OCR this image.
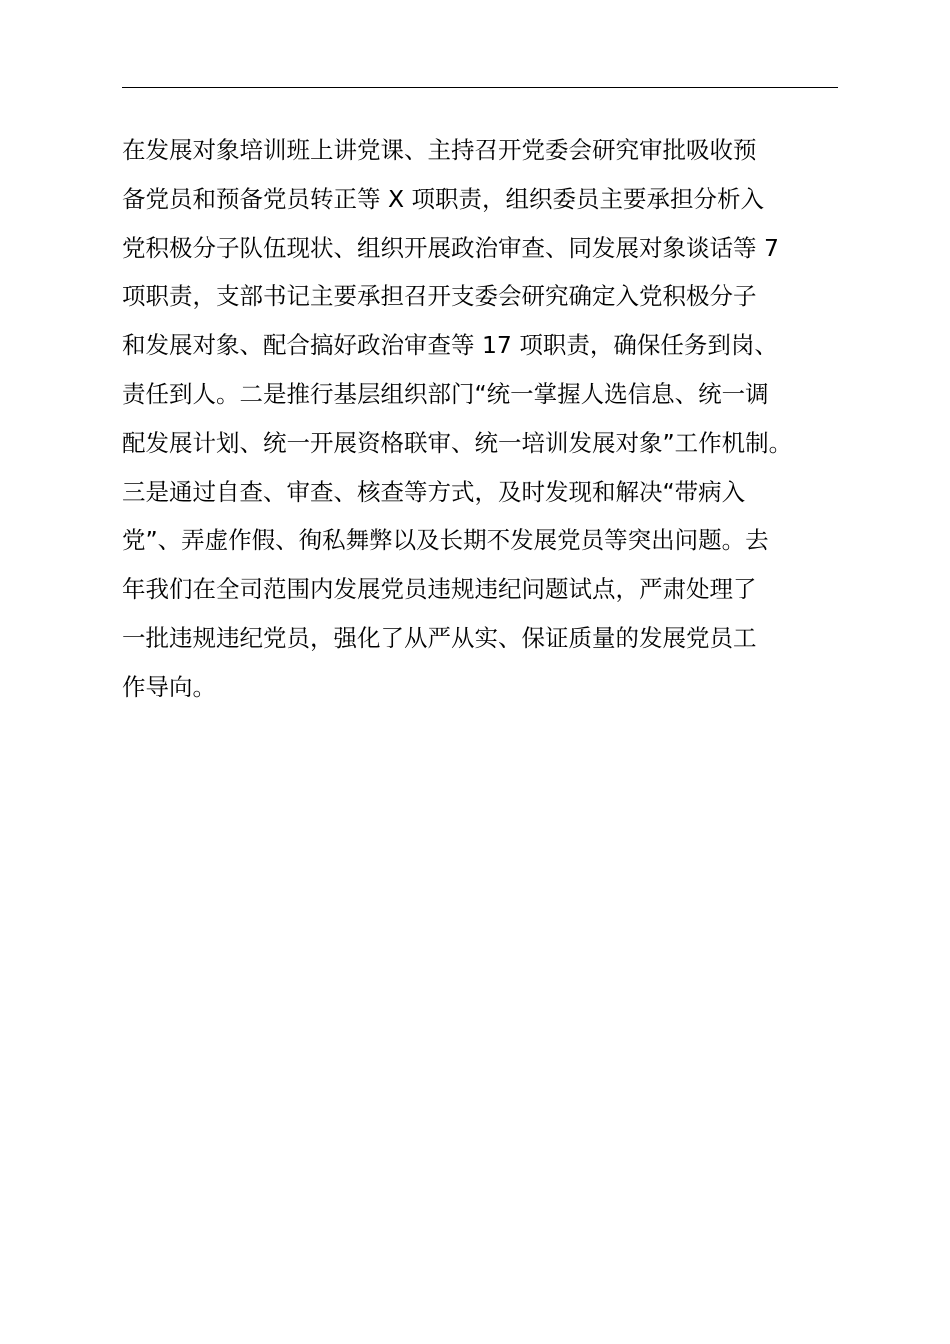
在发展对象培训班上讲党课、主持召开党委会研究审批吸收预
备党员和预备党员转正等 X 项职责，组织委员主要承担分析入
党积极分子队伍现状、组织开展政治审查、同发展对象谈话等 7
项职责，支部书记主要承担召开支委会研究确定入党积极分子
和发展对象、配合搞好政治审查等 17 项职责，确保任务到岗、
责任到人。二是推行基层组织部门“统一掌握人选信息、统一调
配发展计划、统一开展资格联审、统一培训发展对象”工作机制。
三是通过自查、审查、核查等方式，及时发现和解决“带病入
党”、弄虚作假、徇私舞弊以及长期不发展党员等突出问题。去
年我们在全司范围内发展党员违规违纪问题试点，严肃处理了
一批违规违纪党员，强化了从严从实、保证质量的发展党员工
作导向。
